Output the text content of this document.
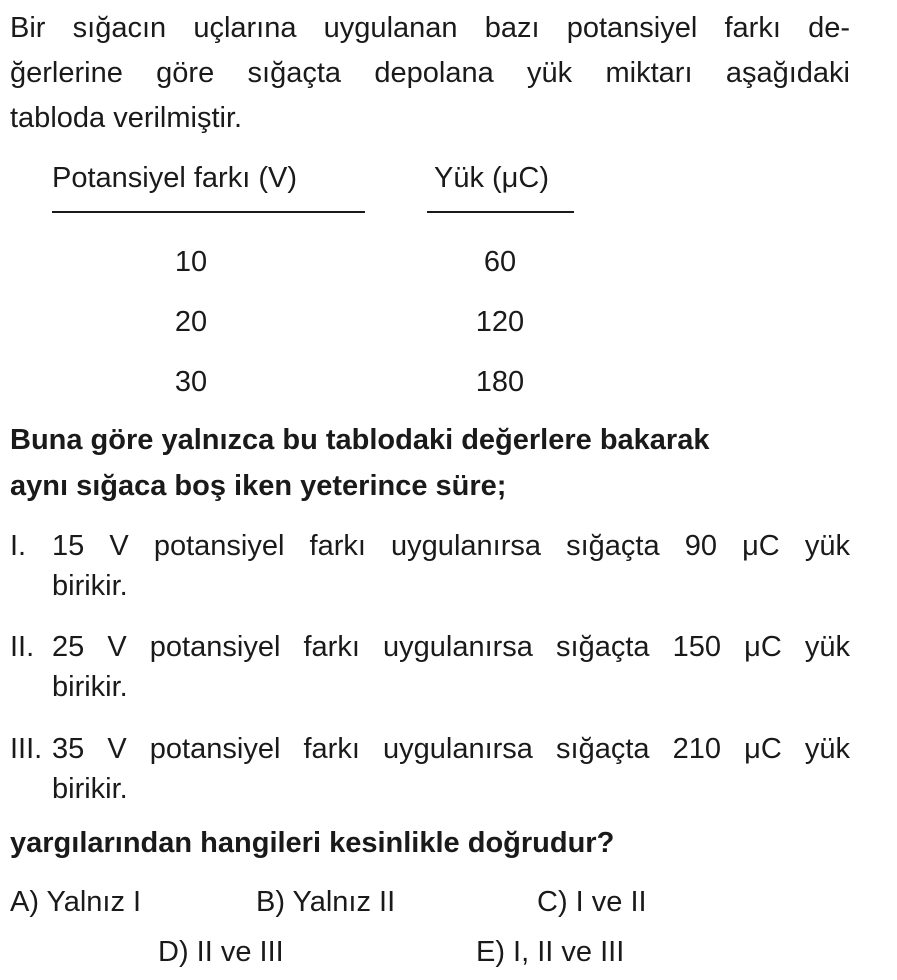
Bir sığacın uçlarına uygulanan bazı potansiyel farkı de-
ğerlerine göre sığaçta depolana yük miktarı aşağıdaki
tabloda verilmiştir.
Potansiyel farkı (V)	Yük (μC)
10	60
20	120
30	180
Buna göre yalnızca bu tablodaki değerlere bakarak
aynı sığaca boş iken yeterince süre;
I. 15 V potansiyel farkı uygulanırsa sığaçta 90 μC yük
birikir.
II. 25 V potansiyel farkı uygulanırsa sığaçta 150 μC yük
birikir.
III. 35 V potansiyel farkı uygulanırsa sığaçta 210 μC yük
birikir.
yargılarından hangileri kesinlikle doğrudur?
A) Yalnız I	B) Yalnız II	C) I ve II
D) II ve III	E) I, II ve III
